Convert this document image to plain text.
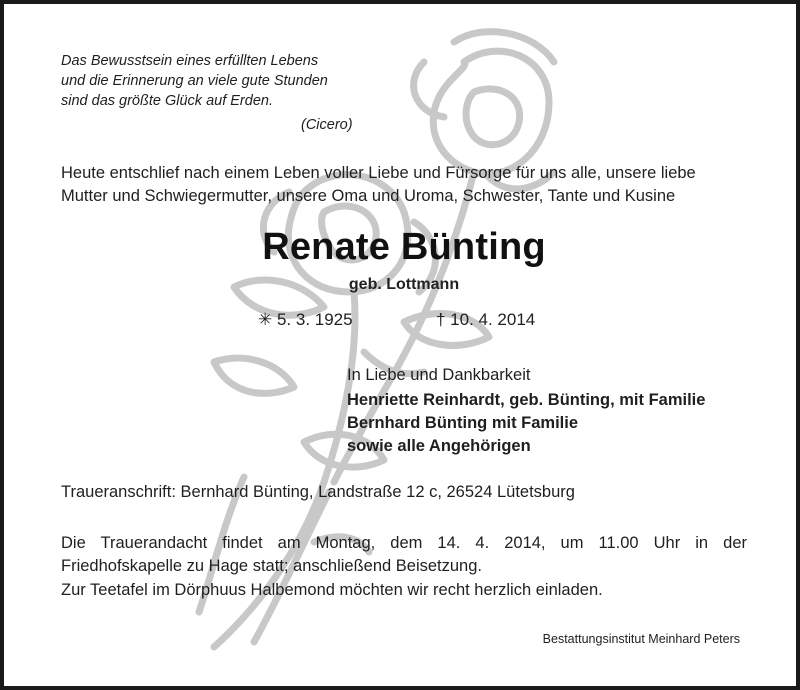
Das Bewusstsein eines erfüllten Lebens
und die Erinnerung an viele gute Stunden
sind das größte Glück auf Erden.
(Cicero)
Heute entschlief nach einem Leben voller Liebe und Fürsorge für uns alle, unsere liebe
Mutter und Schwiegermutter, unsere Oma und Uroma, Schwester, Tante und Kusine
Renate Bünting
geb. Lottmann
✳ 5. 3. 1925	† 10. 4. 2014
In Liebe und Dankbarkeit
Henriette Reinhardt, geb. Bünting, mit Familie
Bernhard Bünting mit Familie
sowie alle Angehörigen
Traueranschrift: Bernhard Bünting, Landstraße 12 c, 26524 Lütetsburg
Die Trauerandacht findet am Montag, dem 14. 4. 2014, um 11.00 Uhr in der
Friedhofskapelle zu Hage statt; anschließend Beisetzung.
Zur Teetafel im Dörphuus Halbemond möchten wir recht herzlich einladen.
Bestattungsinstitut Meinhard Peters
